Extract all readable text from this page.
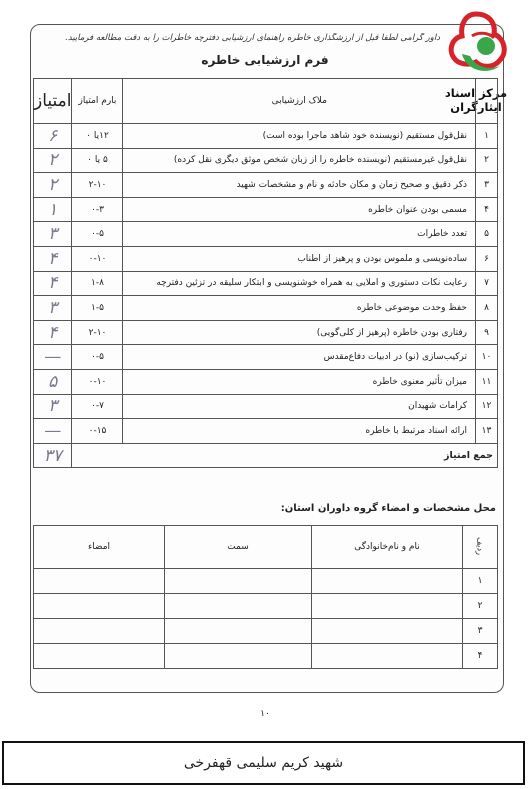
داور گرامی لطفاً قبل از ارزشگذاری خاطره راهنمای ارزشیابی دفترچه خاطرات را به دقت مطالعه فرمایید.
مرکز اسناد ایثارگران
فرم ارزشیابی خاطره
	ملاک ارزشیابی	بارم امتیاز	امتیاز
١	نقل‌قول مستقیم (نویسنده خود شاهد ماجرا بوده است)	١٢یا ٠	۶
٢	نقل‌قول غیرمستقیم (نویسنده خاطره را از زبان شخص موثق دیگری نقل کرده)	۵ یا ٠	۲
٣	ذکر دقیق و صحیح زمان و مکان حادثه و نام و مشخصات شهید	١٠-٢	۲
۴	مسمی بودن عنوان خاطره	٣-٠	۱
۵	تعدد خاطرات	۵-٠	۳
۶	ساده‌نویسی و ملموس بودن و پرهیز از اطناب	١٠-٠	۴
٧	رعایت نکات دستوری و املایی به همراه خوشنویسی و ابتکار سلیقه در تزئین دفترچه	٨-١	۴
٨	حفظ وحدت موضوعی خاطره	۵-١	۳
٩	رفتاری بودن خاطره (پرهیز از کلی‌گویی)	١٠-٢	۴
١٠	ترکیب‌سازی (نو) در ادبیات دفاع‌مقدس	۵-٠	—
١١	میزان تأثیر معنوی خاطره	١٠-٠	۵
١٢	کرامات شهیدان	٧-٠	۳
١٣	ارائه اسناد مرتبط با خاطره	١۵-٠	—
جمع امتیاز			۳۷
محل مشخصات و امضاء گروه داوران استان:
ردیف	نام و نام‌خانوادگی	سمت	امضاء
١			
٢			
٣			
۴			
١٠
شهید کریم سلیمی قهفرخی
